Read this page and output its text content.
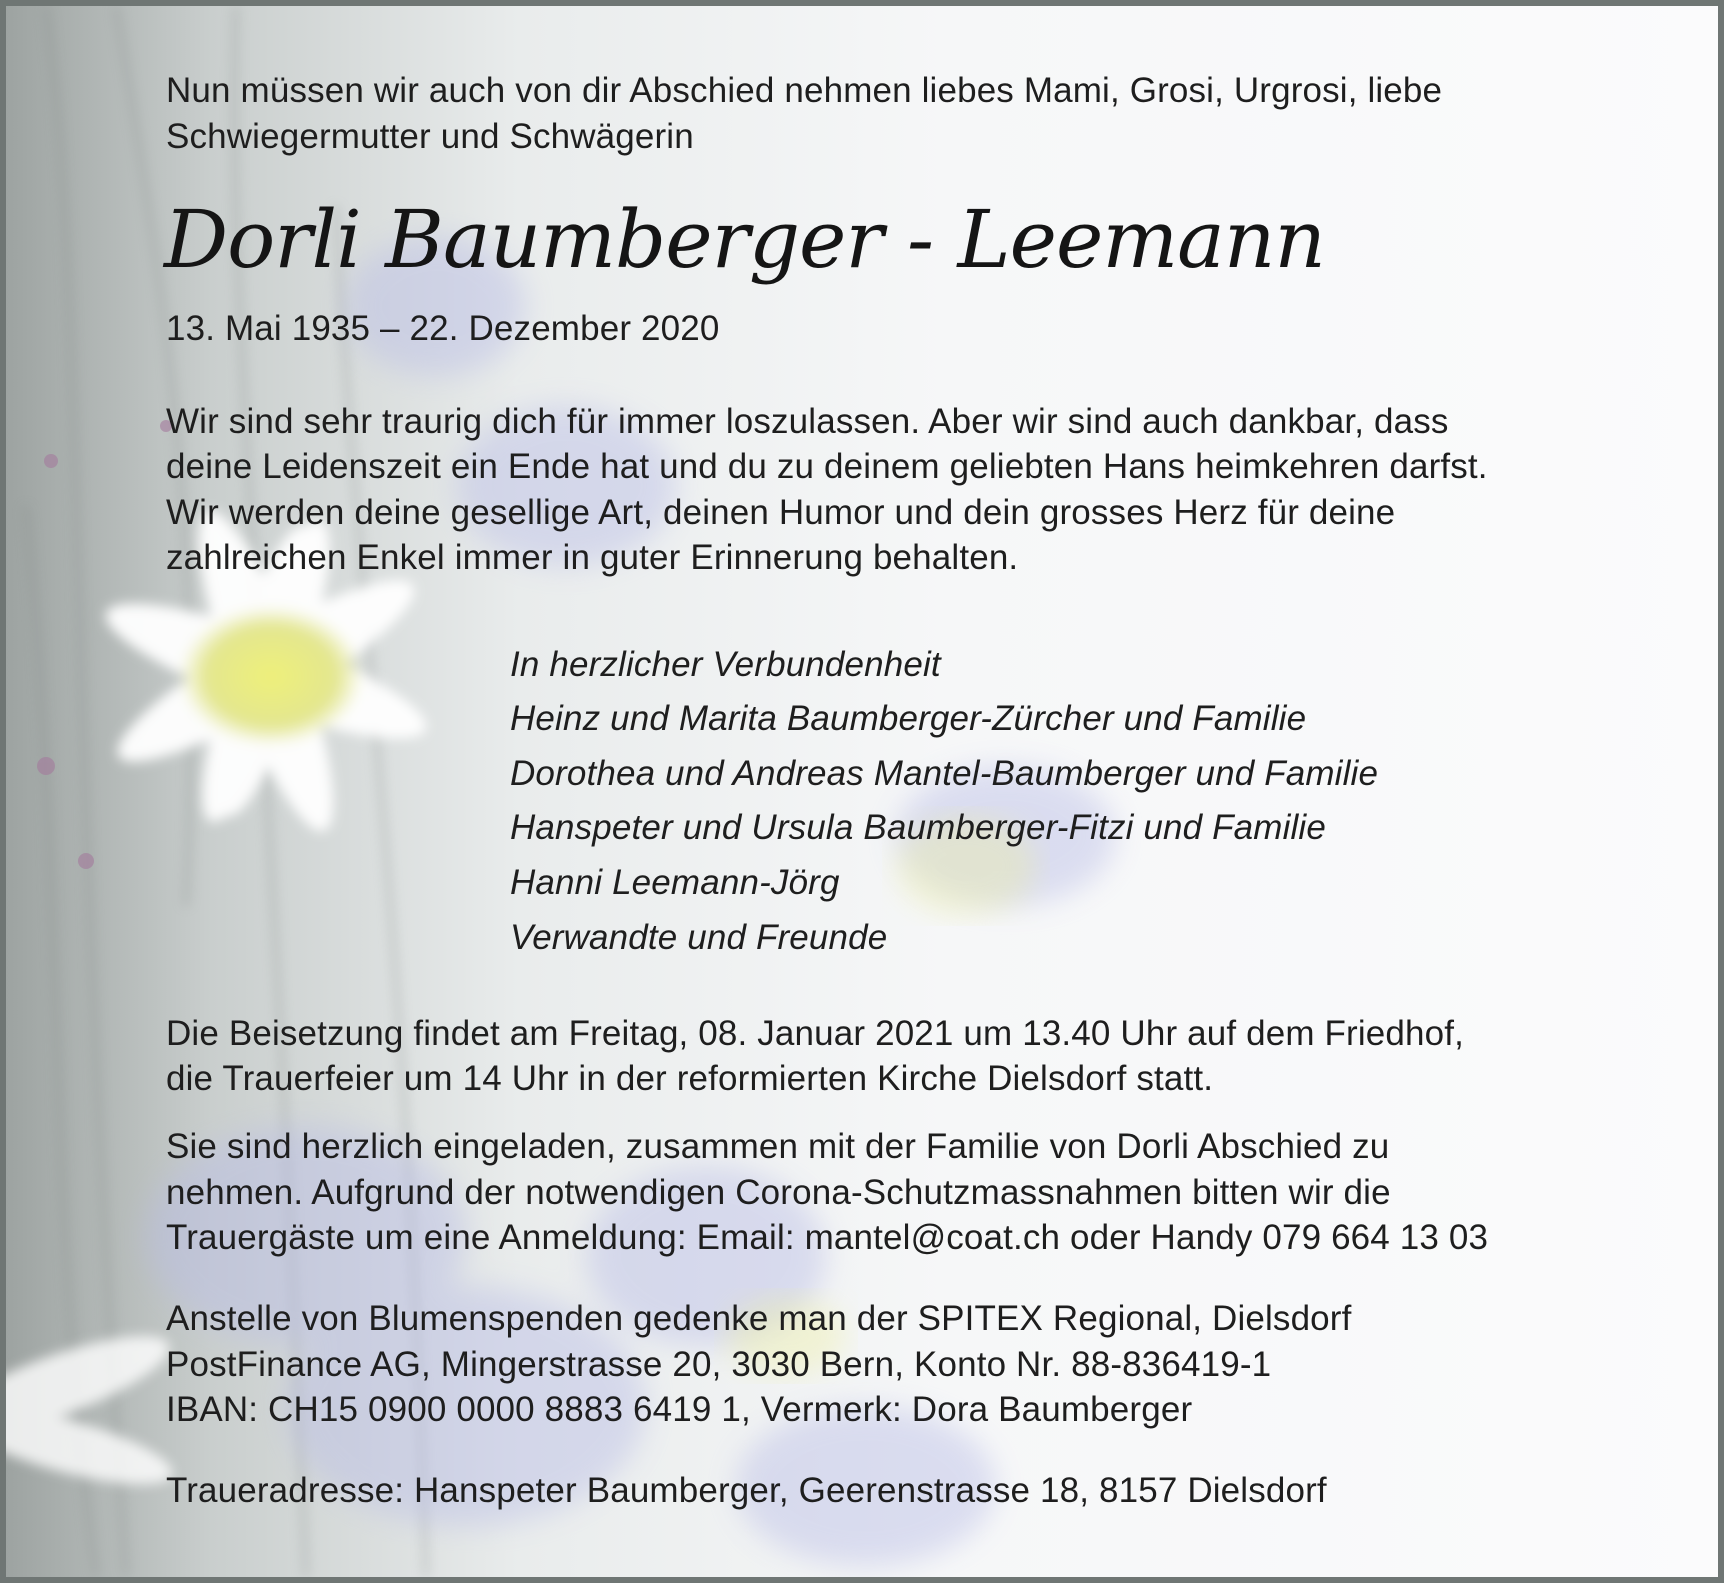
Nun müssen wir auch von dir Abschied nehmen liebes Mami, Grosi, Urgrosi, liebe
Schwiegermutter und Schwägerin
Dorli Baumberger - Leemann
13. Mai 1935 – 22. Dezember 2020
Wir sind sehr traurig dich für immer loszulassen. Aber wir sind auch dankbar, dass
deine Leidenszeit ein Ende hat und du zu deinem geliebten Hans heimkehren darfst.
Wir werden deine gesellige Art, deinen Humor und dein grosses Herz für deine
zahlreichen Enkel immer in guter Erinnerung behalten.
In herzlicher Verbundenheit
Heinz und Marita Baumberger-Zürcher und Familie
Dorothea und Andreas Mantel-Baumberger und Familie
Hanspeter und Ursula Baumberger-Fitzi und Familie
Hanni Leemann-Jörg
Verwandte und Freunde
Die Beisetzung findet am Freitag, 08. Januar 2021 um 13.40 Uhr auf dem Friedhof,
die Trauerfeier um 14 Uhr in der reformierten Kirche Dielsdorf statt.
Sie sind herzlich eingeladen, zusammen mit der Familie von Dorli Abschied zu
nehmen. Aufgrund der notwendigen Corona-Schutzmassnahmen bitten wir die
Trauergäste um eine Anmeldung: Email: mantel@coat.ch oder Handy 079 664 13 03
Anstelle von Blumenspenden gedenke man der SPITEX Regional, Dielsdorf
PostFinance AG, Mingerstrasse 20, 3030 Bern, Konto Nr. 88-836419-1
IBAN: CH15 0900 0000 8883 6419 1, Vermerk: Dora Baumberger
Traueradresse: Hanspeter Baumberger, Geerenstrasse 18, 8157 Dielsdorf
